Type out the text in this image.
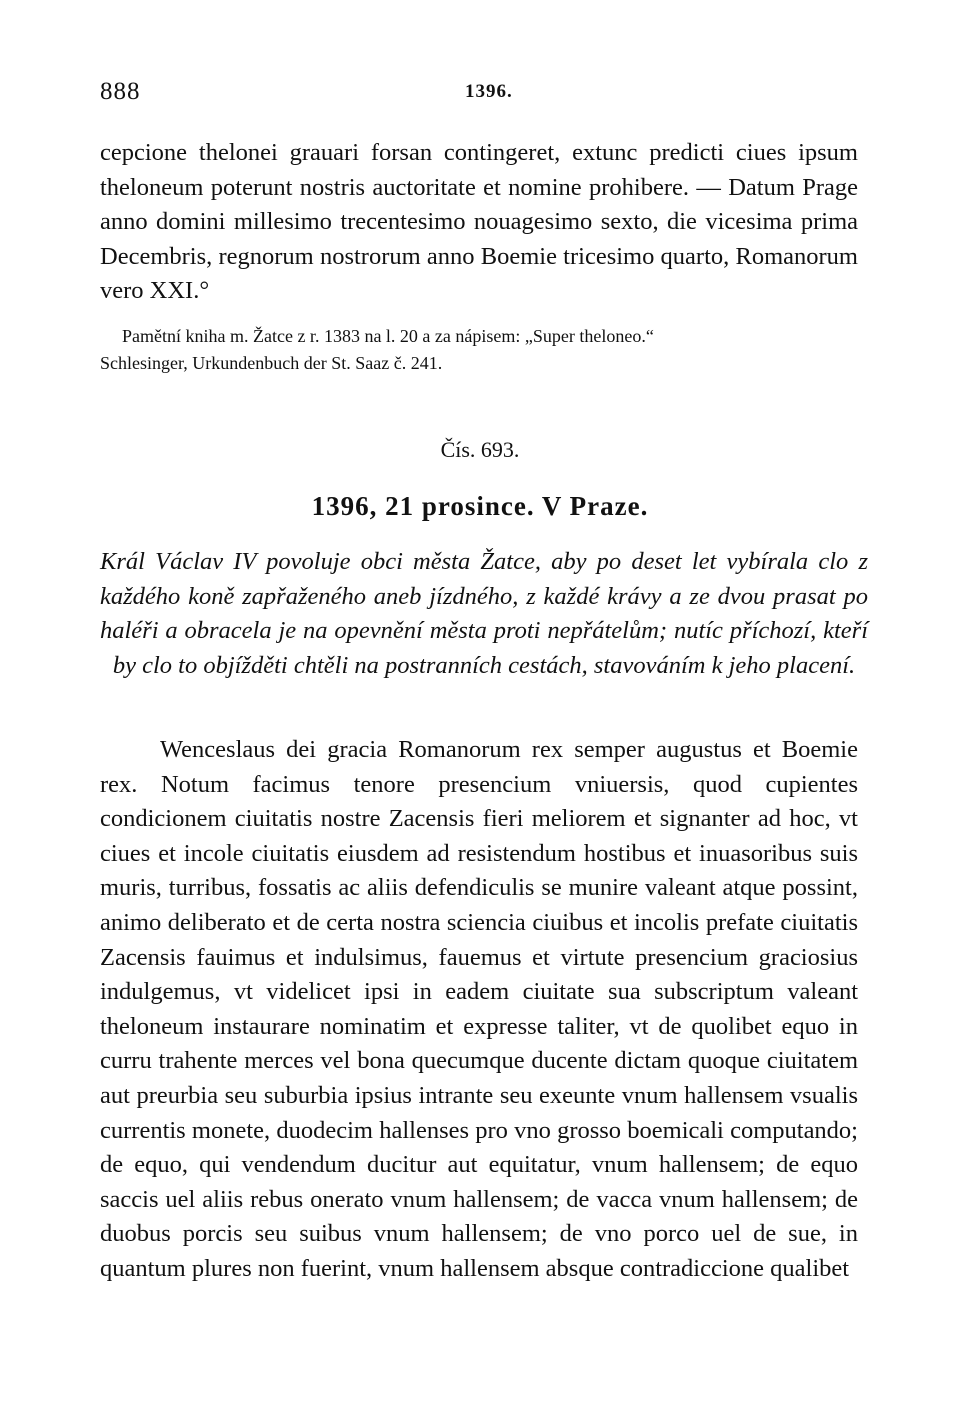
888	1396.

cepcione thelonei grauari forsan contingeret, extunc predicti ciues ipsum theloneum poterunt nostris auctoritate et nomine prohibere. — Datum Prage anno domini millesimo trecentesimo nouagesimo sexto, die vicesima prima Decembris, regnorum nostrorum anno Boemie tricesimo quarto, Romanorum vero XXI.°

Pamětní kniha m. Žatce z r. 1383 na l. 20 a za nápisem: „Super theloneo.“
Schlesinger, Urkundenbuch der St. Saaz č. 241.
Čís. 693.
1396, 21 prosince. V Praze.

Král Václav IV povoluje obci města Žatce, aby po deset let vybírala clo z každého koně zapřaženého aneb jízdného, z každé krávy a ze dvou prasat po haléři a obracela je na opevnění města proti nepřátelům; nutíc příchozí, kteří by clo to objížděti chtěli na postranních cestách, stavováním k jeho placení.

Wenceslaus dei gracia Romanorum rex semper augustus et Boemie rex. Notum facimus tenore presencium vniuersis, quod cupientes condicionem ciuitatis nostre Zacensis fieri meliorem et signanter ad hoc, vt ciues et incole ciuitatis eiusdem ad resistendum hostibus et inuasoribus suis muris, turribus, fossatis ac aliis defendiculis se munire valeant atque possint, animo deliberato et de certa nostra sciencia ciuibus et incolis prefate ciuitatis Zacensis fauimus et indulsimus, fauemus et virtute presencium graciosius indulgemus, vt videlicet ipsi in eadem ciuitate sua subscriptum valeant theloneum instaurare nominatim et expresse taliter, vt de quolibet equo in curru trahente merces vel bona quecumque ducente dictam quoque ciuitatem aut preurbia seu suburbia ipsius intrante seu exeunte vnum hallensem vsualis currentis monete, duodecim hallenses pro vno grosso boemicali computando; de equo, qui vendendum ducitur aut equitatur, vnum hallensem; de equo saccis uel aliis rebus onerato vnum hallensem; de vacca vnum hallensem; de duobus porcis seu suibus vnum hallensem; de vno porco uel de sue, in quantum plures non fuerint, vnum hallensem absque contradiccione qualibet
